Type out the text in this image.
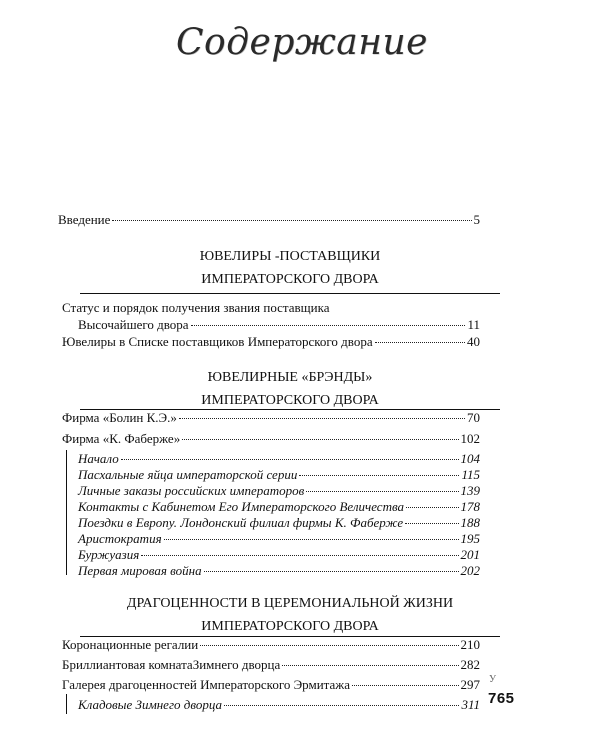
Содержание
Введение	5
ЮВЕЛИРЫ -ПОСТАВЩИКИ
ИМПЕРАТОРСКОГО ДВОРА
Статус и порядок получения звания поставщика
Высочайшего двора	11
Ювелиры в Списке поставщиков Императорского двора	40
ЮВЕЛИРНЫЕ «БРЭНДЫ»
ИМПЕРАТОРСКОГО ДВОРА
Фирма «Болин К.Э.»	70
Фирма «К. Фаберже»	102
Начало	104
Пасхальные яйца императорской серии	115
Личные заказы российских императоров	139
Контакты с Кабинетом Его Императорского Величества	178
Поездки в Европу. Лондонский филиал фирмы К. Фаберже	188
Аристократия	195
Буржуазия	201
Первая мировая война	202
ДРАГОЦЕННОСТИ В ЦЕРЕМОНИАЛЬНОЙ ЖИЗНИ
ИМПЕРАТОРСКОГО ДВОРА
Коронационные регалии	210
Бриллиантовая комнатаЗимнего дворца	282
Галерея драгоценностей Императорского Эрмитажа	297
Кладовые Зимнего дворца	311
У
765
